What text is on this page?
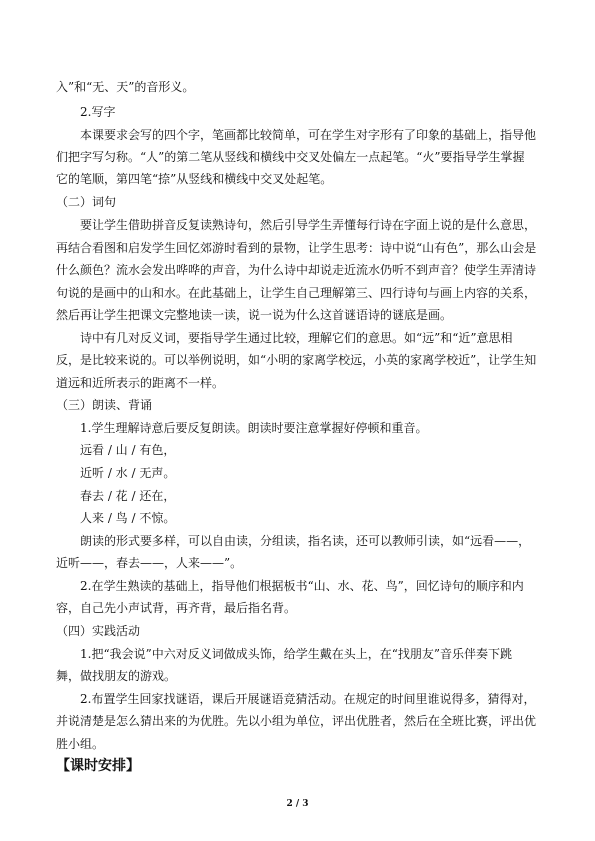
入”和“无、天”的音形义。
2.写字
本课要求会写的四个字，笔画都比较简单，可在学生对字形有了印象的基础上，指导他
们把字写匀称。“人”的第二笔从竖线和横线中交叉处偏左一点起笔。“火”要指导学生掌握
它的笔顺，第四笔“捺”从竖线和横线中交叉处起笔。
（二）词句
要让学生借助拼音反复读熟诗句，然后引导学生弄懂每行诗在字面上说的是什么意思，
再结合看图和启发学生回忆郊游时看到的景物，让学生思考：诗中说“山有色”，那么山会是
什么颜色？流水会发出哗哗的声音，为什么诗中却说走近流水仍听不到声音？使学生弄清诗
句说的是画中的山和水。在此基础上，让学生自己理解第三、四行诗句与画上内容的关系，
然后再让学生把课文完整地读一读，说一说为什么这首谜语诗的谜底是画。
诗中有几对反义词，要指导学生通过比较，理解它们的意思。如“远”和“近”意思相
反，是比较来说的。可以举例说明，如“小明的家离学校远，小英的家离学校近”，让学生知
道远和近所表示的距离不一样。
（三）朗读、背诵
1.学生理解诗意后要反复朗读。朗读时要注意掌握好停顿和重音。
远看 / 山 / 有色，
近听 / 水 / 无声。
春去 / 花 / 还在，
人来 / 鸟 / 不惊。
朗读的形式要多样，可以自由读，分组读，指名读，还可以教师引读，如“远看——，
近听——，春去——，人来——”。
2.在学生熟读的基础上，指导他们根据板书“山、水、花、鸟”，回忆诗句的顺序和内
容，自己先小声试背，再齐背，最后指名背。
（四）实践活动
1.把“我会说”中六对反义词做成头饰，给学生戴在头上，在“找朋友”音乐伴奏下跳
舞，做找朋友的游戏。
2.布置学生回家找谜语，课后开展谜语竞猜活动。在规定的时间里谁说得多，猜得对，
并说清楚是怎么猜出来的为优胜。先以小组为单位，评出优胜者，然后在全班比赛，评出优
胜小组。
【课时安排】
2 / 3
